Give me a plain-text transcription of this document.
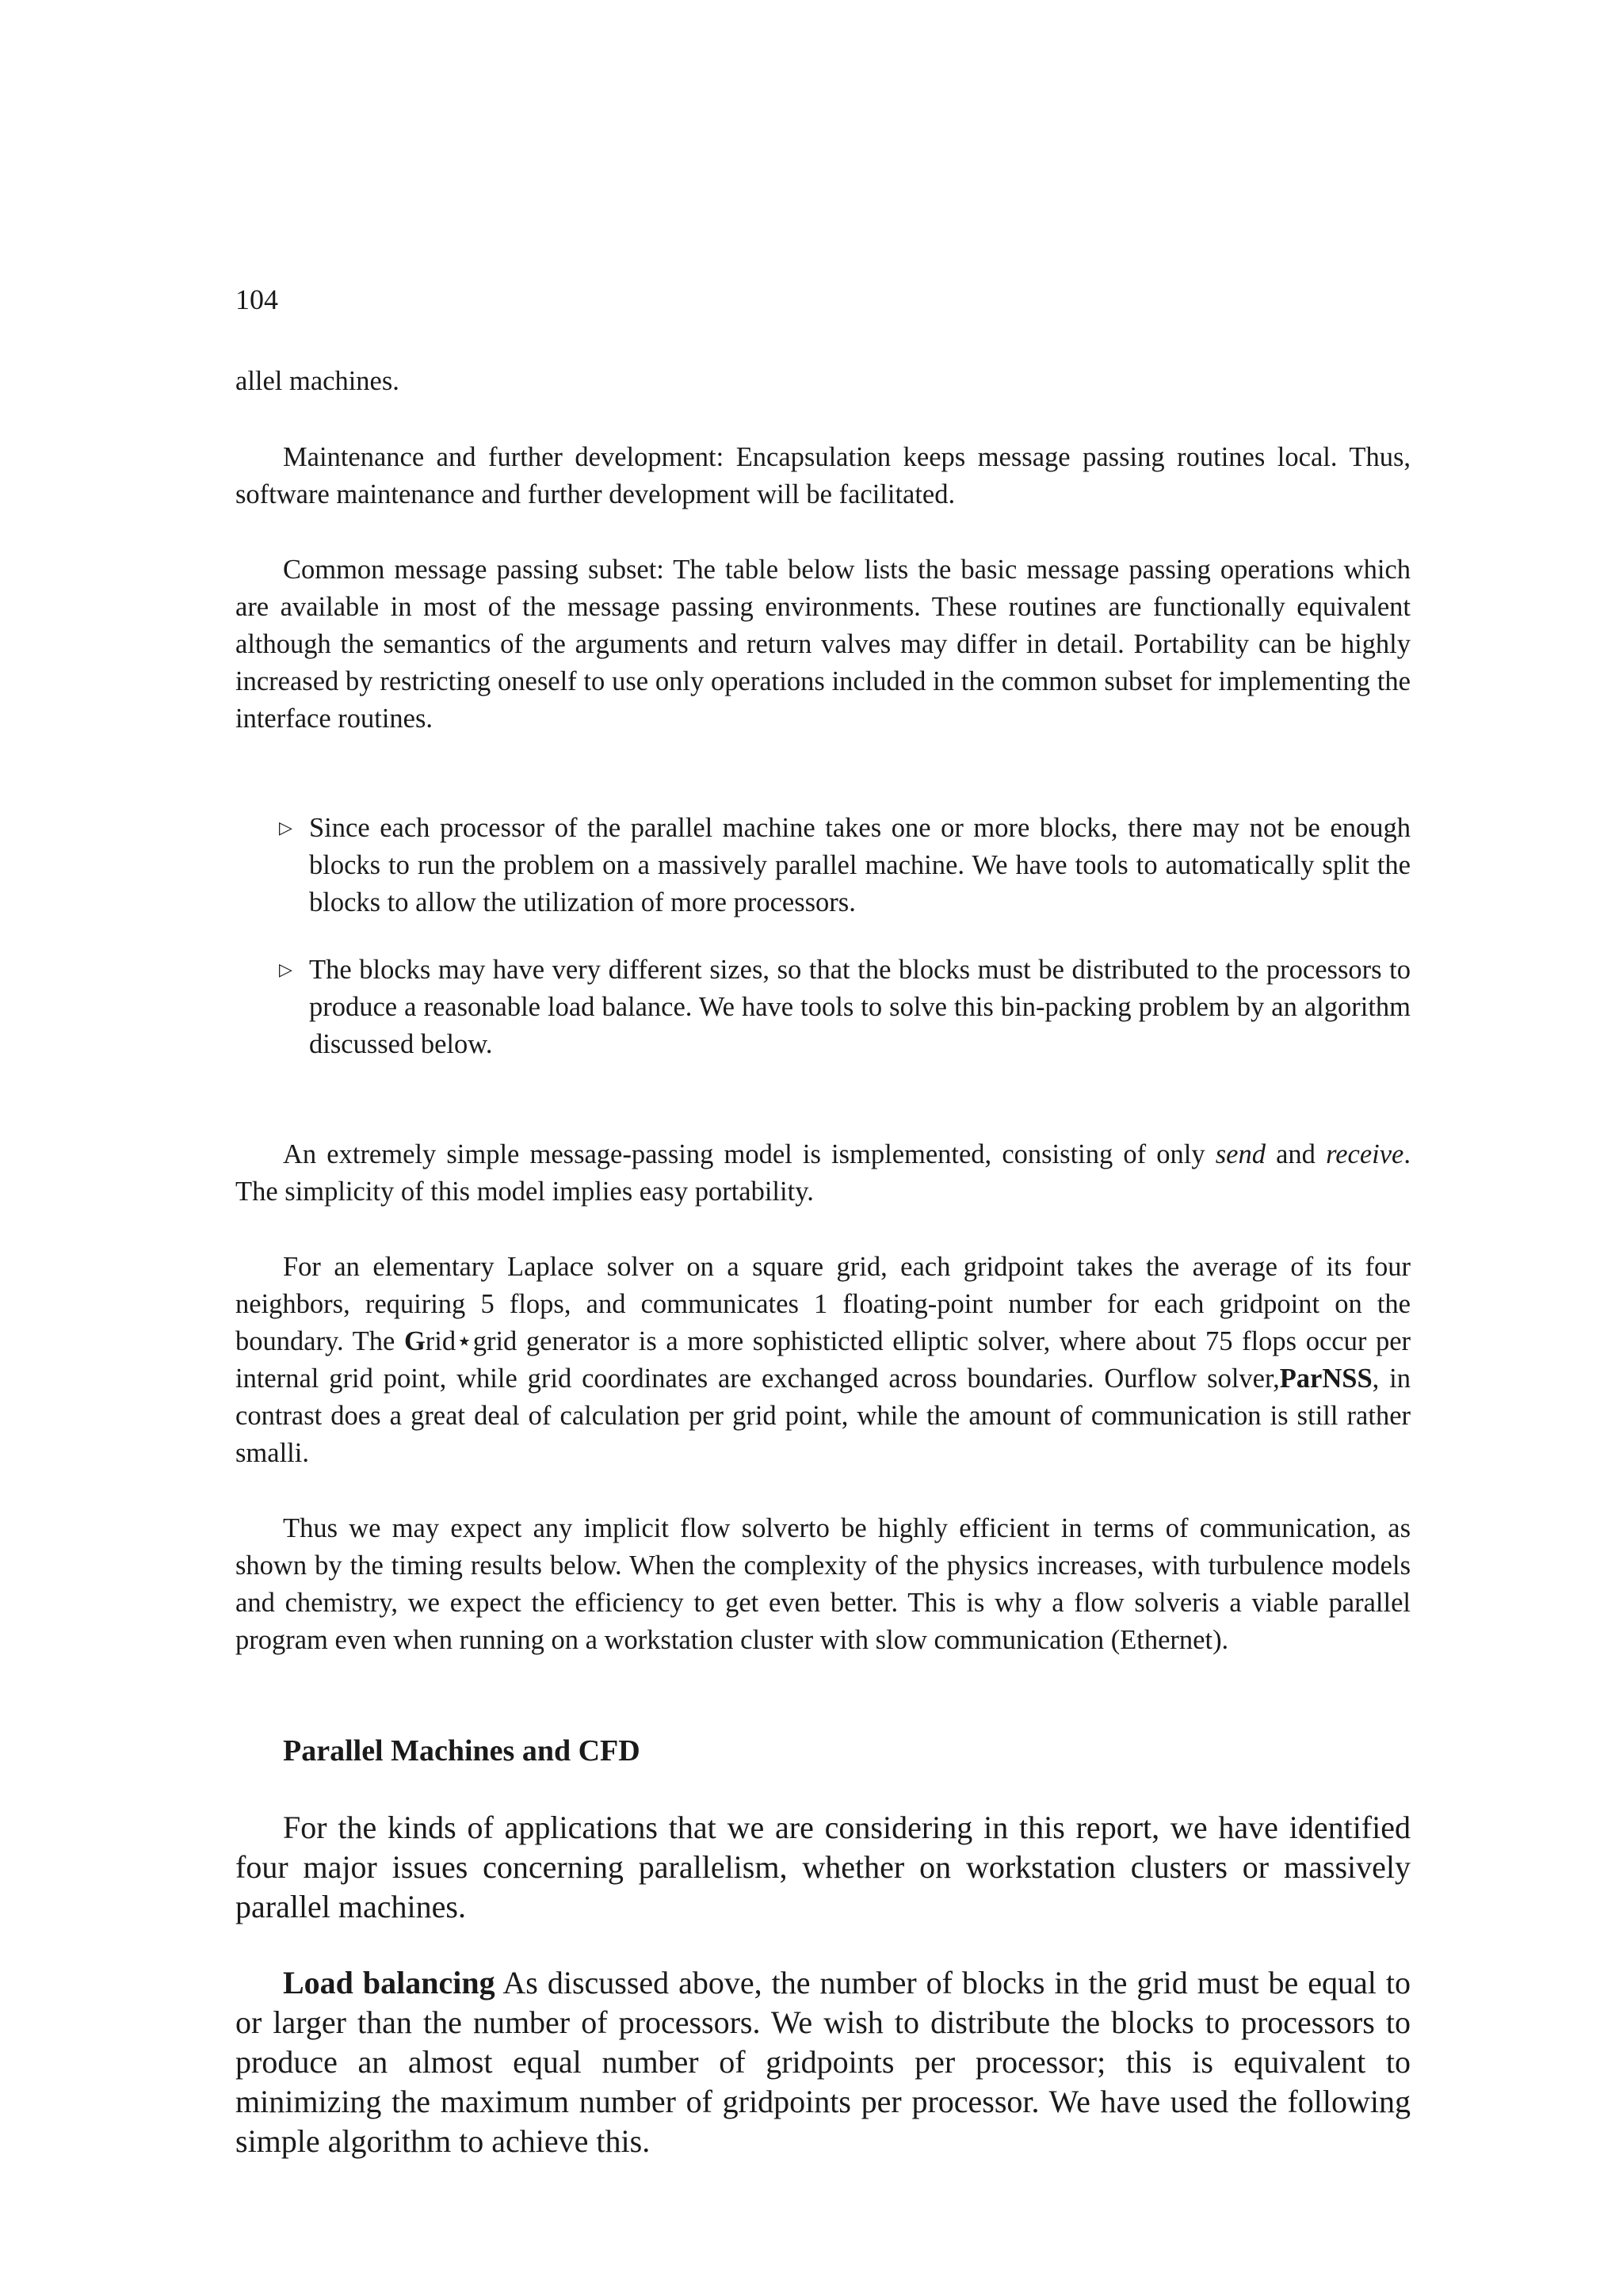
104

allel machines.

Maintenance and further development: Encapsulation keeps message passing routines local. Thus, software maintenance and further development will be facilitated.

Common message passing subset: The table below lists the basic message passing operations which are available in most of the message passing environments. These routines are functionally equivalent although the semantics of the arguments and return valves may differ in detail. Portability can be highly increased by restricting oneself to use only operations included in the common subset for implementing the interface routines.

▷ Since each processor of the parallel machine takes one or more blocks, there may not be enough blocks to run the problem on a massively parallel machine. We have tools to automatically split the blocks to allow the utilization of more processors.

▷ The blocks may have very different sizes, so that the blocks must be distributed to the processors to produce a reasonable load balance. We have tools to solve this bin-packing problem by an algorithm discussed below.

An extremely simple message-passing model is ismplemented, consisting of only send and receive. The simplicity of this model implies easy portability.

For an elementary Laplace solver on a square grid, each gridpoint takes the average of its four neighbors, requiring 5 flops, and communicates 1 floating-point number for each gridpoint on the boundary. The Grid⋆grid generator is a more sophisticted elliptic solver, where about 75 flops occur per internal grid point, while grid coordinates are exchanged across boundaries. Ourflow solver,ParNSS, in contrast does a great deal of calculation per grid point, while the amount of communication is still rather smalli.

Thus we may expect any implicit flow solverto be highly efficient in terms of communication, as shown by the timing results below. When the complexity of the physics increases, with turbulence models and chemistry, we expect the efficiency to get even better. This is why a flow solveris a viable parallel program even when running on a workstation cluster with slow communication (Ethernet).

Parallel Machines and CFD

For the kinds of applications that we are considering in this report, we have identified four major issues concerning parallelism, whether on workstation clusters or massively parallel machines.

Load balancing As discussed above, the number of blocks in the grid must be equal to or larger than the number of processors. We wish to distribute the blocks to processors to produce an almost equal number of gridpoints per processor; this is equivalent to minimizing the maximum number of gridpoints per processor. We have used the following simple algorithm to achieve this.
